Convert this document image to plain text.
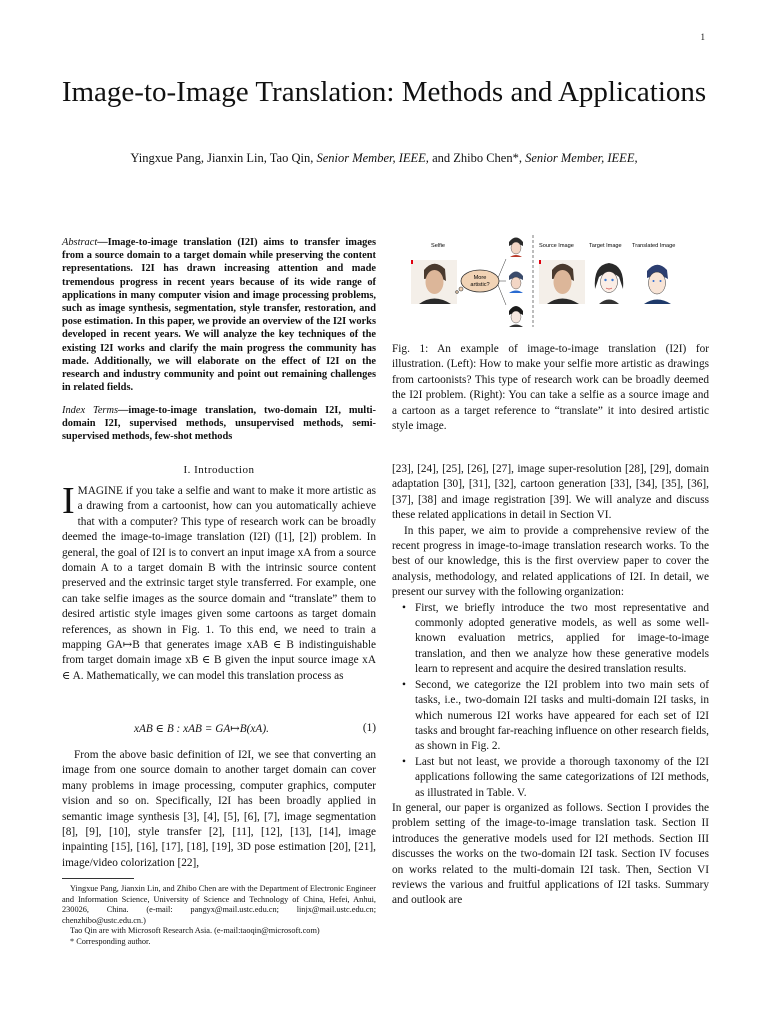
1
Image-to-Image Translation: Methods and Applications
Yingxue Pang, Jianxin Lin, Tao Qin, Senior Member, IEEE, and Zhibo Chen*, Senior Member, IEEE,
Abstract—Image-to-image translation (I2I) aims to transfer images from a source domain to a target domain while preserving the content representations. I2I has drawn increasing attention and made tremendous progress in recent years because of its wide range of applications in many computer vision and image processing problems, such as image synthesis, segmentation, style transfer, restoration, and pose estimation. In this paper, we provide an overview of the I2I works developed in recent years. We will analyze the key techniques of the existing I2I works and clarify the main progress the community has made. Additionally, we will elaborate on the effect of I2I on the research and industry community and point out remaining challenges in related fields.
Index Terms—image-to-image translation, two-domain I2I, multi-domain I2I, supervised methods, unsupervised methods, semi-supervised methods, few-shot methods
Selfie
More
artistic?
Source Image	Target Image Translated Image
Fig. 1: An example of image-to-image translation (I2I) for illustration. (Left): How to make your selfie more artistic as drawings from cartoonists? This type of research work can be broadly deemed the I2I problem. (Right): You can take a selfie as a source image and a cartoon as a target reference to “translate” it into desired artistic style image.
I. Introduction
IMAGINE if you take a selfie and want to make it more artistic as a drawing from a cartoonist, how can you automatically achieve that with a computer? This type of research work can be broadly deemed the image-to-image translation (I2I) ([1], [2]) problem. In general, the goal of I2I is to convert an input image xA from a source domain A to a target domain B with the intrinsic source content preserved and the extrinsic target style transferred. For example, one can take selfie images as the source domain and “translate” them to desired artistic style images given some cartoons as target domain references, as shown in Fig. 1. To this end, we need to train a mapping GA↦B that generates image xAB ∈ B indistinguishable from target domain image xB ∈ B given the input source image xA ∈ A. Mathematically, we can model this translation process as
xAB ∈ B : xAB = GA↦B(xA).	(1)
From the above basic definition of I2I, we see that converting an image from one source domain to another target domain can cover many problems in image processing, computer graphics, computer vision and so on. Specifically, I2I has been broadly applied in semantic image synthesis [3], [4], [5], [6], [7], image segmentation [8], [9], [10], style transfer [2], [11], [12], [13], [14], image inpainting [15], [16], [17], [18], [19], 3D pose estimation [20], [21], image/video colorization [22],

Yingxue Pang, Jianxin Lin, and Zhibo Chen are with the Department of Electronic Engineer and Information Science, University of Science and Technology of China, Hefei, Anhui, 230026, China. (e-mail: pangyx@mail.ustc.edu.cn; linjx@mail.ustc.edu.cn; chenzhibo@ustc.edu.cn.)

Tao Qin are with Microsoft Research Asia. (e-mail:taoqin@microsoft.com)

* Corresponding author.

[23], [24], [25], [26], [27], image super-resolution [28], [29], domain adaptation [30], [31], [32], cartoon generation [33], [34], [35], [36], [37], [38] and image registration [39]. We will analyze and discuss these related applications in detail in Section VI.

In this paper, we aim to provide a comprehensive review of the recent progress in image-to-image translation research works. To the best of our knowledge, this is the first overview paper to cover the analysis, methodology, and related applications of I2I. In detail, we present our survey with the following organization:

• First, we briefly introduce the two most representative and commonly adopted generative models, as well as some well-known evaluation metrics, applied for image-to-image translation, and then we analyze how these generative models learn to represent and acquire the desired translation results.
• Second, we categorize the I2I problem into two main sets of tasks, i.e., two-domain I2I tasks and multi-domain I2I tasks, in which numerous I2I works have appeared for each set of I2I tasks and brought far-reaching influence on other research fields, as shown in Fig. 2.
• Last but not least, we provide a thorough taxonomy of the I2I applications following the same categorizations of I2I methods, as illustrated in Table. V.

In general, our paper is organized as follows. Section I provides the problem setting of the image-to-image translation task. Section II introduces the generative models used for I2I methods. Section III discusses the works on the two-domain I2I task. Section IV focuses on works related to the multi-domain I2I task. Then, Section VI reviews the various and fruitful applications of I2I tasks. Summary and outlook are
